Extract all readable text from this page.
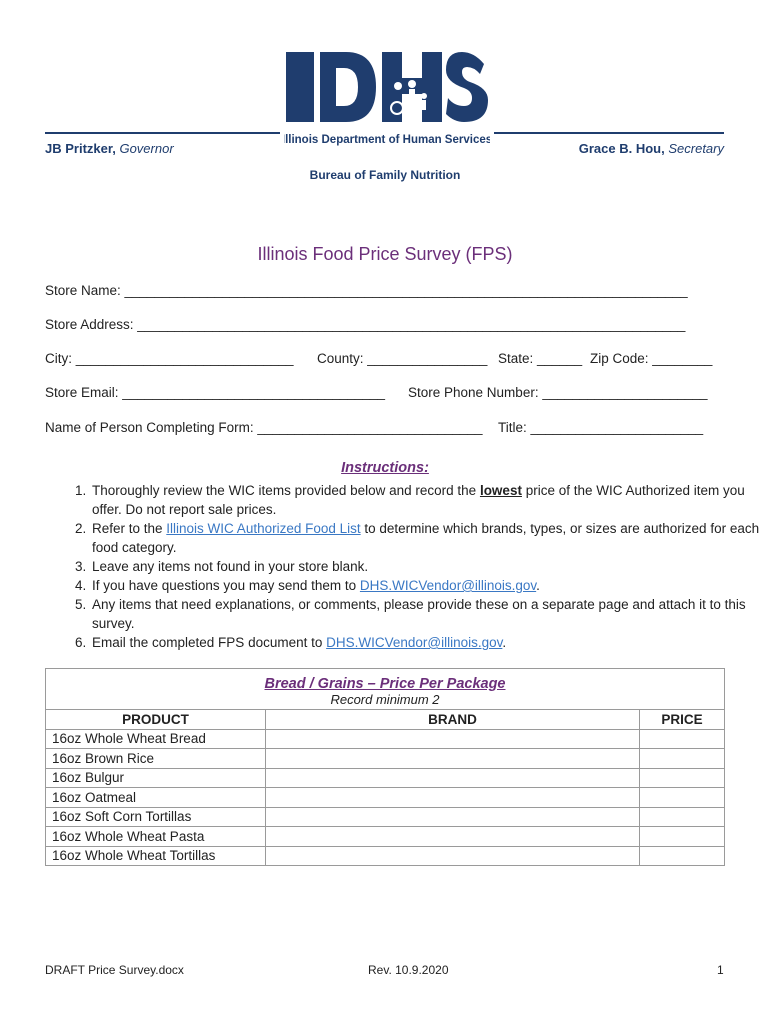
Illinois Department of Human Services
JB Pritzker, Governor	Grace B. Hou, Secretary
Bureau of Family Nutrition
Illinois Food Price Survey (FPS)
Store Name: ___________________________________________________________________________
Store Address: _________________________________________________________________________
City: _____________________________ County: ________________ State: ______ Zip Code: ________
Store Email: ___________________________________ Store Phone Number: ______________________
Name of Person Completing Form: ______________________________ Title: _______________________
Instructions:
1. Thoroughly review the WIC items provided below and record the lowest price of the WIC Authorized item you offer. Do not report sale prices.
2. Refer to the Illinois WIC Authorized Food List to determine which brands, types, or sizes are authorized for each food category.
3. Leave any items not found in your store blank.
4. If you have questions you may send them to DHS.WICVendor@illinois.gov.
5. Any items that need explanations, or comments, please provide these on a separate page and attach it to this survey.
6. Email the completed FPS document to DHS.WICVendor@illinois.gov.
Bread / Grains – Price Per Package
Record minimum 2		

PRODUCT	BRAND	PRICE
16oz Whole Wheat Bread		
16oz Brown Rice		
16oz Bulgur		
16oz Oatmeal		
16oz Soft Corn Tortillas		
16oz Whole Wheat Pasta		
16oz Whole Wheat Tortillas		
DRAFT Price Survey.docx	Rev. 10.9.2020	1
